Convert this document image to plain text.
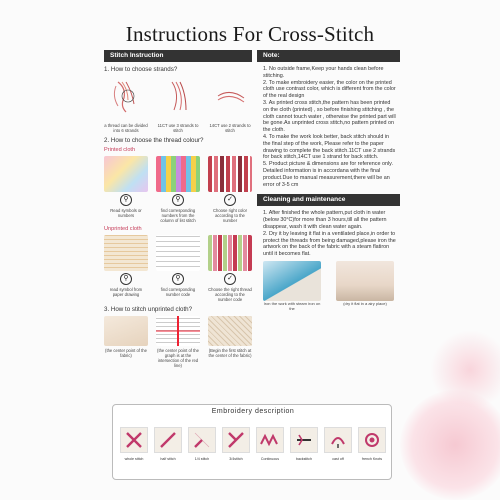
Instructions For Cross-Stitch
Stitch Instruction
1. How to choose strands?
a thread can be divided into 6 strands
11CT use 3 strands to stitch
14CT use 2 strands to stitch
2. How to choose the thread colour?
Printed cloth
⚲
Read symbols or numbers
⚲
find corresponding numbers from the column of list stitch
✓
Choose right color according to the number
Unprinted cloth
⚲
read symbol from paper drawing
⚲
find corresponding number code
✓
Choose the right thread according to the number code
3. How to stitch unprinted cloth?
(the center point of the fabric)
(the center point of the graph is at the intersection of the red line)
(Begin the first stitch at the center of the fabric)
Note:

1. No outside frame,Keep your hands clean before stitching.

2. To make embroidery easier, the color on the printed cloth use contrast color, which is different from the color of the real design

3. As printed cross stitch,the pattern has been printed on the cloth (printed) , so before finishing stitching , the cloth cannot touch water , otherwise the printed part will be gone.As unprinted cross stitch,no pattern printed on the cloth.

4. To make the work look better, back stitch should in the final step of the work, Please refer to the paper drawing to complete the back stitch.11CT use 2 strands for back stitch,14CT use 1 strand for back stitch.

5. Product picture & dimensions are for reference only. Detailed information is in accordana with the final product.Due to manual measurement,there will be an error of 3-5 cm

Cleaning and maintenance

1. After finished the whole pattern,put cloth in water (below 30°C)for more than 3 hours,till all the pattern disappear, wash it with clean water again.

2. Dry it by leaving it flat in a ventilated place,in order to protect the threads from being damaged,please iron the artwork on the back of the fabric with a steam flatiron until it becomes flat.

Iron the work with steam iron on the
(dry it flat in a airy place)
Embroidery description
whole stitch	half stitch	1/4 stitch	3/4stitch	Continuous	backstitch	cast off	french Knots
